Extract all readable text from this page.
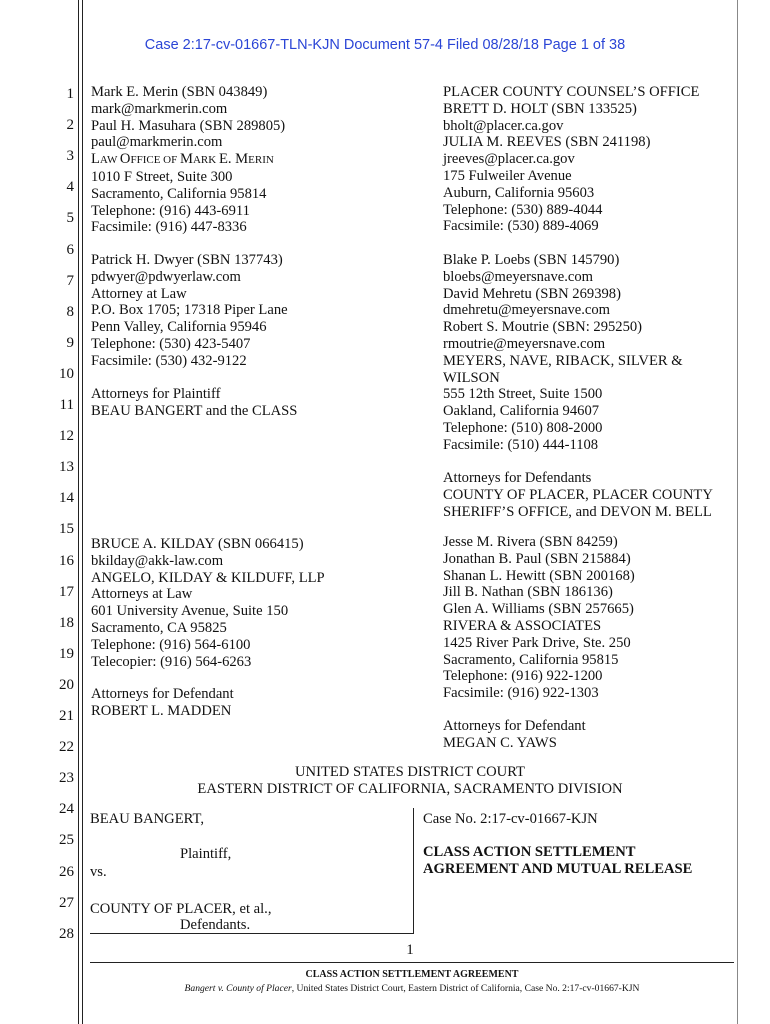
Case 2:17-cv-01667-TLN-KJN Document 57-4 Filed 08/28/18 Page 1 of 38
1
2
3
4
5
6
7
8
9
10
11
12
13
14
15
16
17
18
19
20
21
22
23
24
25
26
27
28
Mark E. Merin (SBN 043849)
mark@markmerin.com
Paul H. Masuhara (SBN 289805)
paul@markmerin.com
LAW OFFICE OF MARK E. MERIN
1010 F Street, Suite 300
Sacramento, California 95814
Telephone: (916) 443-6911
Facsimile: (916) 447-8336
Patrick H. Dwyer (SBN 137743)
pdwyer@pdwyerlaw.com
Attorney at Law
P.O. Box 1705; 17318 Piper Lane
Penn Valley, California 95946
Telephone: (530) 423-5407
Facsimile: (530) 432-9122
Attorneys for Plaintiff
BEAU BANGERT and the CLASS
PLACER COUNTY COUNSEL’S OFFICE
BRETT D. HOLT (SBN 133525)
bholt@placer.ca.gov
JULIA M. REEVES (SBN 241198)
jreeves@placer.ca.gov
175 Fulweiler Avenue
Auburn, California 95603
Telephone: (530) 889-4044
Facsimile: (530) 889-4069
Blake P. Loebs (SBN 145790)
bloebs@meyersnave.com
David Mehretu (SBN 269398)
dmehretu@meyersnave.com
Robert S. Moutrie (SBN: 295250)
rmoutrie@meyersnave.com
MEYERS, NAVE, RIBACK, SILVER &
WILSON
555 12th Street, Suite 1500
Oakland, California 94607
Telephone: (510) 808-2000
Facsimile: (510) 444-1108
Attorneys for Defendants
COUNTY OF PLACER, PLACER COUNTY
SHERIFF’S OFFICE, and DEVON M. BELL
BRUCE A. KILDAY (SBN 066415)
bkilday@akk-law.com
ANGELO, KILDAY & KILDUFF, LLP
Attorneys at Law
601 University Avenue, Suite 150
Sacramento, CA 95825
Telephone: (916) 564-6100
Telecopier: (916) 564-6263
Attorneys for Defendant
ROBERT L. MADDEN
Jesse M. Rivera (SBN 84259)
Jonathan B. Paul (SBN 215884)
Shanan L. Hewitt (SBN 200168)
Jill B. Nathan (SBN 186136)
Glen A. Williams (SBN 257665)
RIVERA & ASSOCIATES
1425 River Park Drive, Ste. 250
Sacramento, California 95815
Telephone: (916) 922-1200
Facsimile: (916) 922-1303
Attorneys for Defendant
MEGAN C. YAWS
UNITED STATES DISTRICT COURT
EASTERN DISTRICT OF CALIFORNIA, SACRAMENTO DIVISION
BEAU BANGERT,
Plaintiff,
vs.
COUNTY OF PLACER, et al.,
Defendants.
Case No. 2:17-cv-01667-KJN
CLASS ACTION SETTLEMENT
AGREEMENT AND MUTUAL RELEASE
1
CLASS ACTION SETTLEMENT AGREEMENT
Bangert v. County of Placer, United States District Court, Eastern District of California, Case No. 2:17-cv-01667-KJN
